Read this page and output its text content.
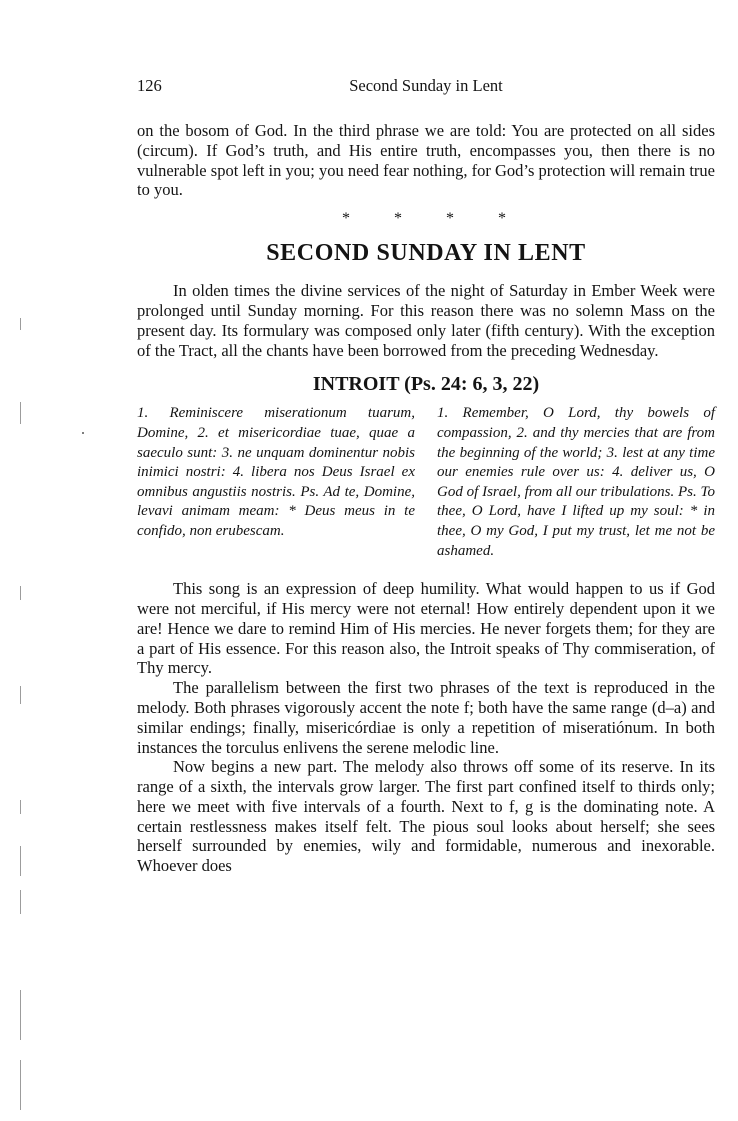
126	Second Sunday in Lent

on the bosom of God. In the third phrase we are told: You are protected on all sides (circum). If God’s truth, and His entire truth, encompasses you, then there is no vulnerable spot left in you; you need fear nothing, for God’s protection will remain true to you.

* * * *
SECOND SUNDAY IN LENT

In olden times the divine services of the night of Saturday in Ember Week were prolonged until Sunday morning. For this reason there was no solemn Mass on the present day. Its formulary was composed only later (fifth century). With the exception of the Tract, all the chants have been borrowed from the preceding Wednesday.

INTROIT (Ps. 24: 6, 3, 22)

1. Reminiscere miserationum tuarum, Domine, 2. et misericordiae tuae, quae a saeculo sunt: 3. ne unquam dominentur nobis inimici nostri: 4. libera nos Deus Israel ex omnibus angustiis nostris. Ps. Ad te, Domine, levavi animam meam: * Deus meus in te confido, non erubescam.

1. Remember, O Lord, thy bowels of compassion, 2. and thy mercies that are from the beginning of the world; 3. lest at any time our enemies rule over us: 4. deliver us, O God of Israel, from all our tribulations. Ps. To thee, O Lord, have I lifted up my soul: * in thee, O my God, I put my trust, let me not be ashamed.

This song is an expression of deep humility. What would happen to us if God were not merciful, if His mercy were not eternal! How entirely dependent upon it we are! Hence we dare to remind Him of His mercies. He never forgets them; for they are a part of His essence. For this reason also, the Introit speaks of Thy commiseration, of Thy mercy.

The parallelism between the first two phrases of the text is reproduced in the melody. Both phrases vigorously accent the note f; both have the same range (d–a) and similar endings; finally, misericórdiae is only a repetition of miseratiónum. In both instances the torculus enlivens the serene melodic line.

Now begins a new part. The melody also throws off some of its reserve. In its range of a sixth, the intervals grow larger. The first part confined itself to thirds only; here we meet with five intervals of a fourth. Next to f, g is the dominating note. A certain restlessness makes itself felt. The pious soul looks about herself; she sees herself surrounded by enemies, wily and formidable, numerous and inexorable. Whoever does
